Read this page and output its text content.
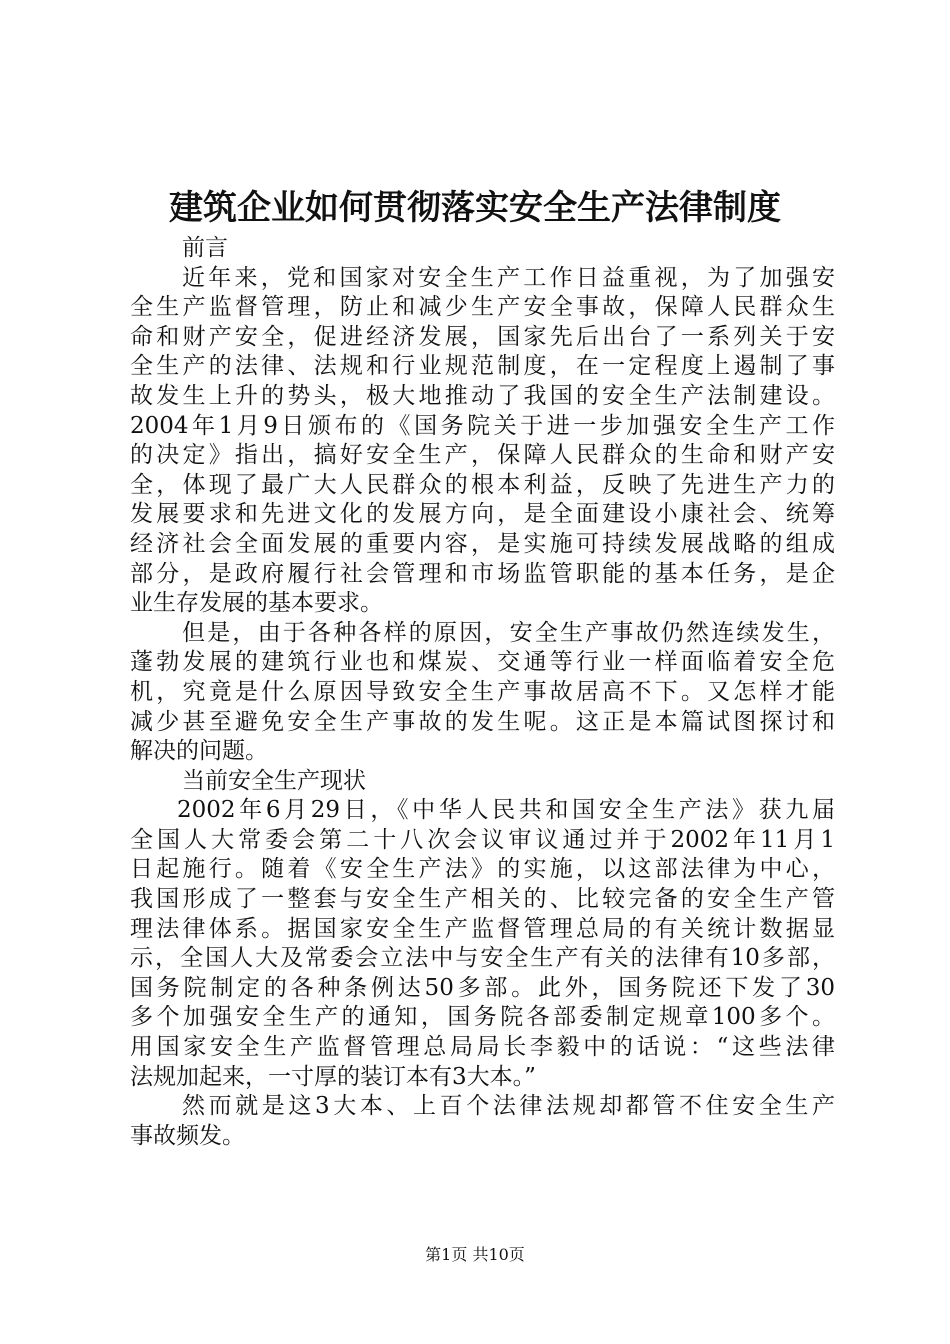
建筑企业如何贯彻落实安全生产法律制度
前言
近年来，党和国家对安全生产工作日益重视，为了加强安
全生产监督管理，防止和减少生产安全事故，保障人民群众生
命和财产安全，促进经济发展，国家先后出台了一系列关于安
全生产的法律、法规和行业规范制度，在一定程度上遏制了事
故发生上升的势头，极大地推动了我国的安全生产法制建设。
2004年1月9日颁布的《国务院关于进一步加强安全生产工作
的决定》指出，搞好安全生产，保障人民群众的生命和财产安
全，体现了最广大人民群众的根本利益，反映了先进生产力的
发展要求和先进文化的发展方向，是全面建设小康社会、统筹
经济社会全面发展的重要内容，是实施可持续发展战略的组成
部分，是政府履行社会管理和市场监管职能的基本任务，是企
业生存发展的基本要求。
但是，由于各种各样的原因，安全生产事故仍然连续发生，
蓬勃发展的建筑行业也和煤炭、交通等行业一样面临着安全危
机，究竟是什么原因导致安全生产事故居高不下。又怎样才能
减少甚至避免安全生产事故的发生呢。这正是本篇试图探讨和
解决的问题。
当前安全生产现状
2002年6月29日，《中华人民共和国安全生产法》获九届
全国人大常委会第二十八次会议审议通过并于2002年11月1
日起施行。随着《安全生产法》的实施，以这部法律为中心，
我国形成了一整套与安全生产相关的、比较完备的安全生产管
理法律体系。据国家安全生产监督管理总局的有关统计数据显
示，全国人大及常委会立法中与安全生产有关的法律有10多部，
国务院制定的各种条例达50多部。此外，国务院还下发了30
多个加强安全生产的通知，国务院各部委制定规章100多个。
用国家安全生产监督管理总局局长李毅中的话说：“这些法律
法规加起来，一寸厚的装订本有3大本。”
然而就是这3大本、上百个法律法规却都管不住安全生产
事故频发。
第1页 共10页
